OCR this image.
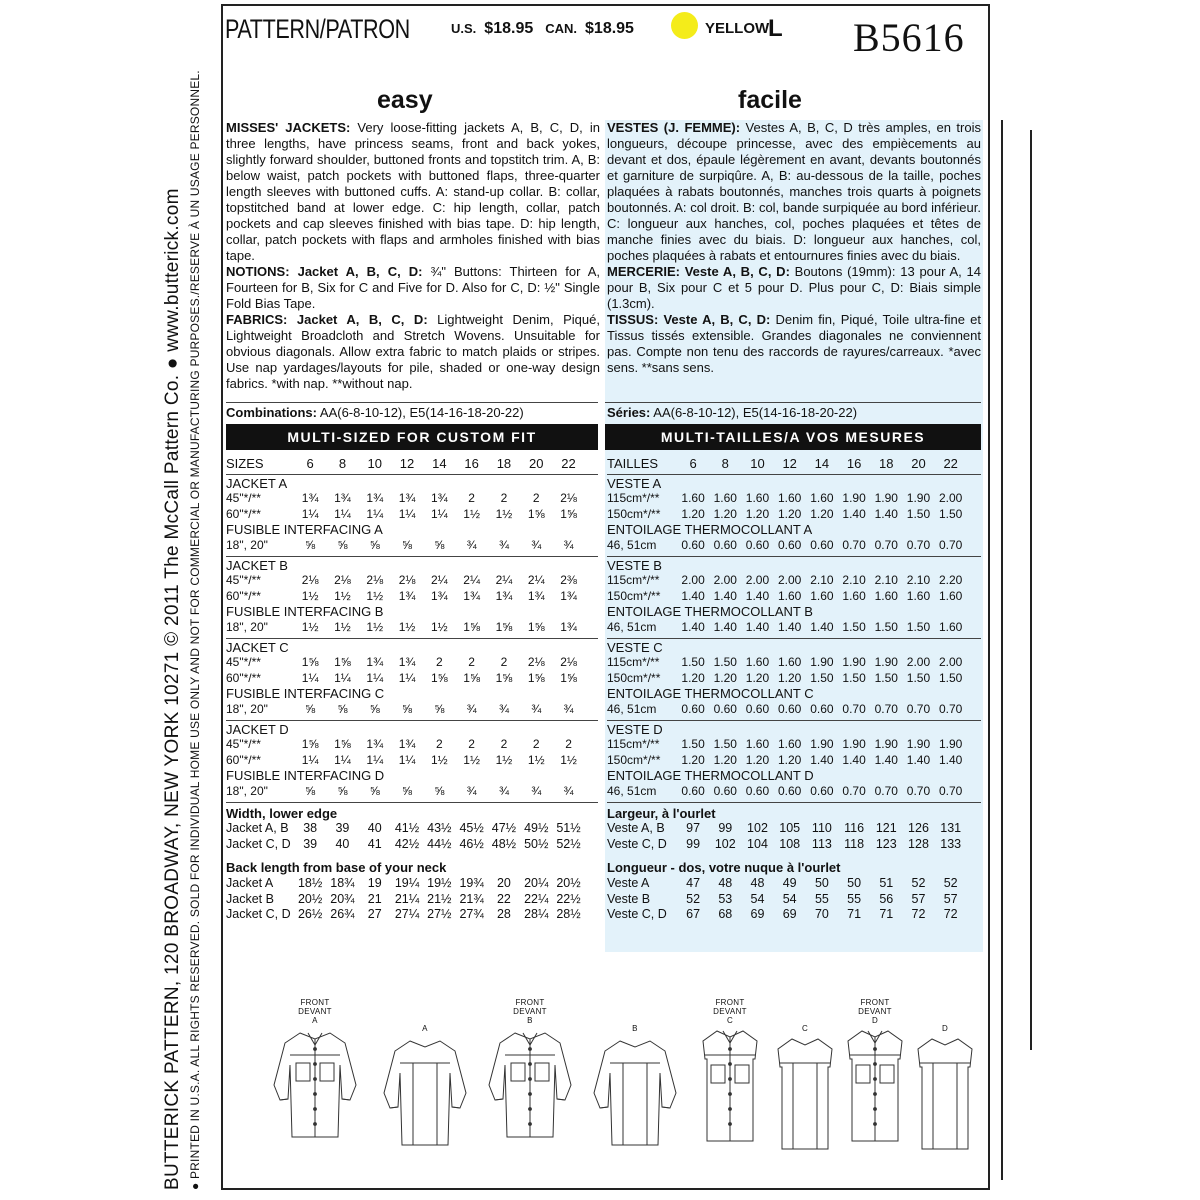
BUTTERICK PATTERN, 120 BROADWAY, NEW YORK 10271 © 2011 The McCall Pattern Co. ● www.butterick.com ● PRINTED IN U.S.A. ALL RIGHTS RESERVED. SOLD FOR INDIVIDUAL HOME USE ONLY AND NOT FOR COMMERCIAL OR MANUFACTURING PURPOSES./RESERVE À UN USAGE PERSONNEL.
PATTERN/PATRON	U.S. $18.95 CAN. $18.95	YELLOW
L B5616
easy	facile
MISSES' JACKETS: Very loose-fitting jackets A, B, C, D, in three lengths, have princess seams, front and back yokes, slightly forward shoulder, buttoned fronts and topstitch trim. A, B: below waist, patch pockets with buttoned flaps, three-quarter length sleeves with buttoned cuffs. A: stand-up collar. B: collar, topstitched band at lower edge. C: hip length, collar, patch pockets and cap sleeves finished with bias tape. D: hip length, collar, patch pockets with flaps and armholes finished with bias tape.
NOTIONS: Jacket A, B, C, D: ¾" Buttons: Thirteen for A, Fourteen for B, Six for C and Five for D. Also for C, D: ½" Single Fold Bias Tape.
FABRICS: Jacket A, B, C, D: Lightweight Denim, Piqué, Lightweight Broadcloth and Stretch Wovens. Unsuitable for obvious diagonals. Allow extra fabric to match plaids or stripes. Use nap yardages/layouts for pile, shaded or one-way design fabrics. *with nap. **without nap.
VESTES (J. FEMME): Vestes A, B, C, D très amples, en trois longueurs, découpe princesse, avec des empiècements au devant et dos, épaule légèrement en avant, devants boutonnés et garniture de surpiqûre. A, B: au-dessous de la taille, poches plaquées à rabats boutonnés, manches trois quarts à poignets boutonnés. A: col droit. B: col, bande surpiquée au bord inférieur. C: longueur aux hanches, col, poches plaquées et têtes de manche finies avec du biais. D: longueur aux hanches, col, poches plaquées à rabats et entournures finies avec du biais.
MERCERIE: Veste A, B, C, D: Boutons (19mm): 13 pour A, 14 pour B, Six pour C et 5 pour D. Plus pour C, D: Biais simple (1.3cm).
TISSUS: Veste A, B, C, D: Denim fin, Piqué, Toile ultra-fine et Tissus tissés extensible. Grandes diagonales ne conviennent pas. Compte non tenu des raccords de rayures/carreaux. *avec sens. **sans sens.
Combinations: AA(6-8-10-12), E5(14-16-18-20-22)	Séries: AA(6-8-10-12), E5(14-16-18-20-22)
MULTI-SIZED FOR CUSTOM FIT	MULTI-TAILLES/A VOS MESURES
SIZES	6	8	10	12	14	16	18	20	22
JACKET A
45"*/**	1¾	1¾	1¾	1¾	1¾	2	2	2	2⅛
60"*/**	1¼	1¼	1¼	1¼	1¼	1½	1½	1⅝	1⅝
FUSIBLE INTERFACING A
18", 20"	⅝	⅝	⅝	⅝	⅝	¾	¾	¾	¾
JACKET B
45"*/**	2⅛	2⅛	2⅛	2⅛	2¼	2¼	2¼	2¼	2⅜
60"*/**	1½	1½	1½	1¾	1¾	1¾	1¾	1¾	1¾
FUSIBLE INTERFACING B
18", 20"	1½	1½	1½	1½	1½	1⅝	1⅝	1⅝	1¾
JACKET C
45"*/**	1⅝	1⅝	1¾	1¾	2	2	2	2⅛	2⅛
60"*/**	1¼	1¼	1¼	1¼	1⅝	1⅝	1⅝	1⅝	1⅝
FUSIBLE INTERFACING C
18", 20"	⅝	⅝	⅝	⅝	⅝	¾	¾	¾	¾
JACKET D
45"*/**	1⅝	1⅝	1¾	1¾	2	2	2	2	2
60"*/**	1¼	1¼	1¼	1¼	1½	1½	1½	1½	1½
FUSIBLE INTERFACING D
18", 20"	⅝	⅝	⅝	⅝	⅝	¾	¾	¾	¾
Width, lower edge
Jacket A, B	38	39	40	41½ 43½ 45½ 47½ 49½ 51½
Jacket C, D	39	40	41	42½ 44½ 46½ 48½ 50½ 52½
Back length from base of your neck
Jacket A	18½ 18¾	19	19¼ 19½ 19¾	20	20¼ 20½
Jacket B	20½ 20¾	21	21¼ 21½ 21¾	22	22¼ 22½
Jacket C, D 26½ 26¾	27	27¼ 27½ 27¾	28	28¼ 28½
TAILLES	6	8	10	12	14	16	18	20	22
VESTE A
115cm*/**	1.60 1.60 1.60 1.60 1.60 1.90 1.90 1.90 2.00
150cm*/**	1.20 1.20 1.20 1.20 1.20 1.40 1.40 1.50 1.50
ENTOILAGE THERMOCOLLANT A
46, 51cm	0.60 0.60 0.60 0.60 0.60 0.70 0.70 0.70 0.70
VESTE B
115cm*/**	2.00 2.00 2.00 2.00 2.10 2.10 2.10 2.10 2.20
150cm*/**	1.40 1.40 1.40 1.60 1.60 1.60 1.60 1.60 1.60
ENTOILAGE THERMOCOLLANT B
46, 51cm	1.40 1.40 1.40 1.40 1.40 1.50 1.50 1.50 1.60
VESTE C
115cm*/**	1.50 1.50 1.60 1.60 1.90 1.90 1.90 2.00 2.00
150cm*/**	1.20 1.20 1.20 1.20 1.50 1.50 1.50 1.50 1.50
ENTOILAGE THERMOCOLLANT C
46, 51cm	0.60 0.60 0.60 0.60 0.60 0.70 0.70 0.70 0.70
VESTE D
115cm*/**	1.50 1.50 1.60 1.60 1.90 1.90 1.90 1.90 1.90
150cm*/**	1.20 1.20 1.20 1.20 1.40 1.40 1.40 1.40 1.40
ENTOILAGE THERMOCOLLANT D
46, 51cm	0.60 0.60 0.60 0.60 0.60 0.70 0.70 0.70 0.70
Largeur, à l'ourlet
Veste A, B	97	99	102 105 110 116 121 126 131
Veste C, D	99	102 104 108 113 118 123 128 133
Longueur - dos, votre nuque à l'ourlet
Veste A	47	48	48	49	50	50	51	52	52
Veste B	52	53	54	54	55	55	56	57	57
Veste C, D	67	68	69	69	70	71	71	72	72
FRONT
DEVANT
A
A
FRONT
DEVANT
B
B
FRONT
DEVANT
C
C
FRONT
DEVANT
D
D
